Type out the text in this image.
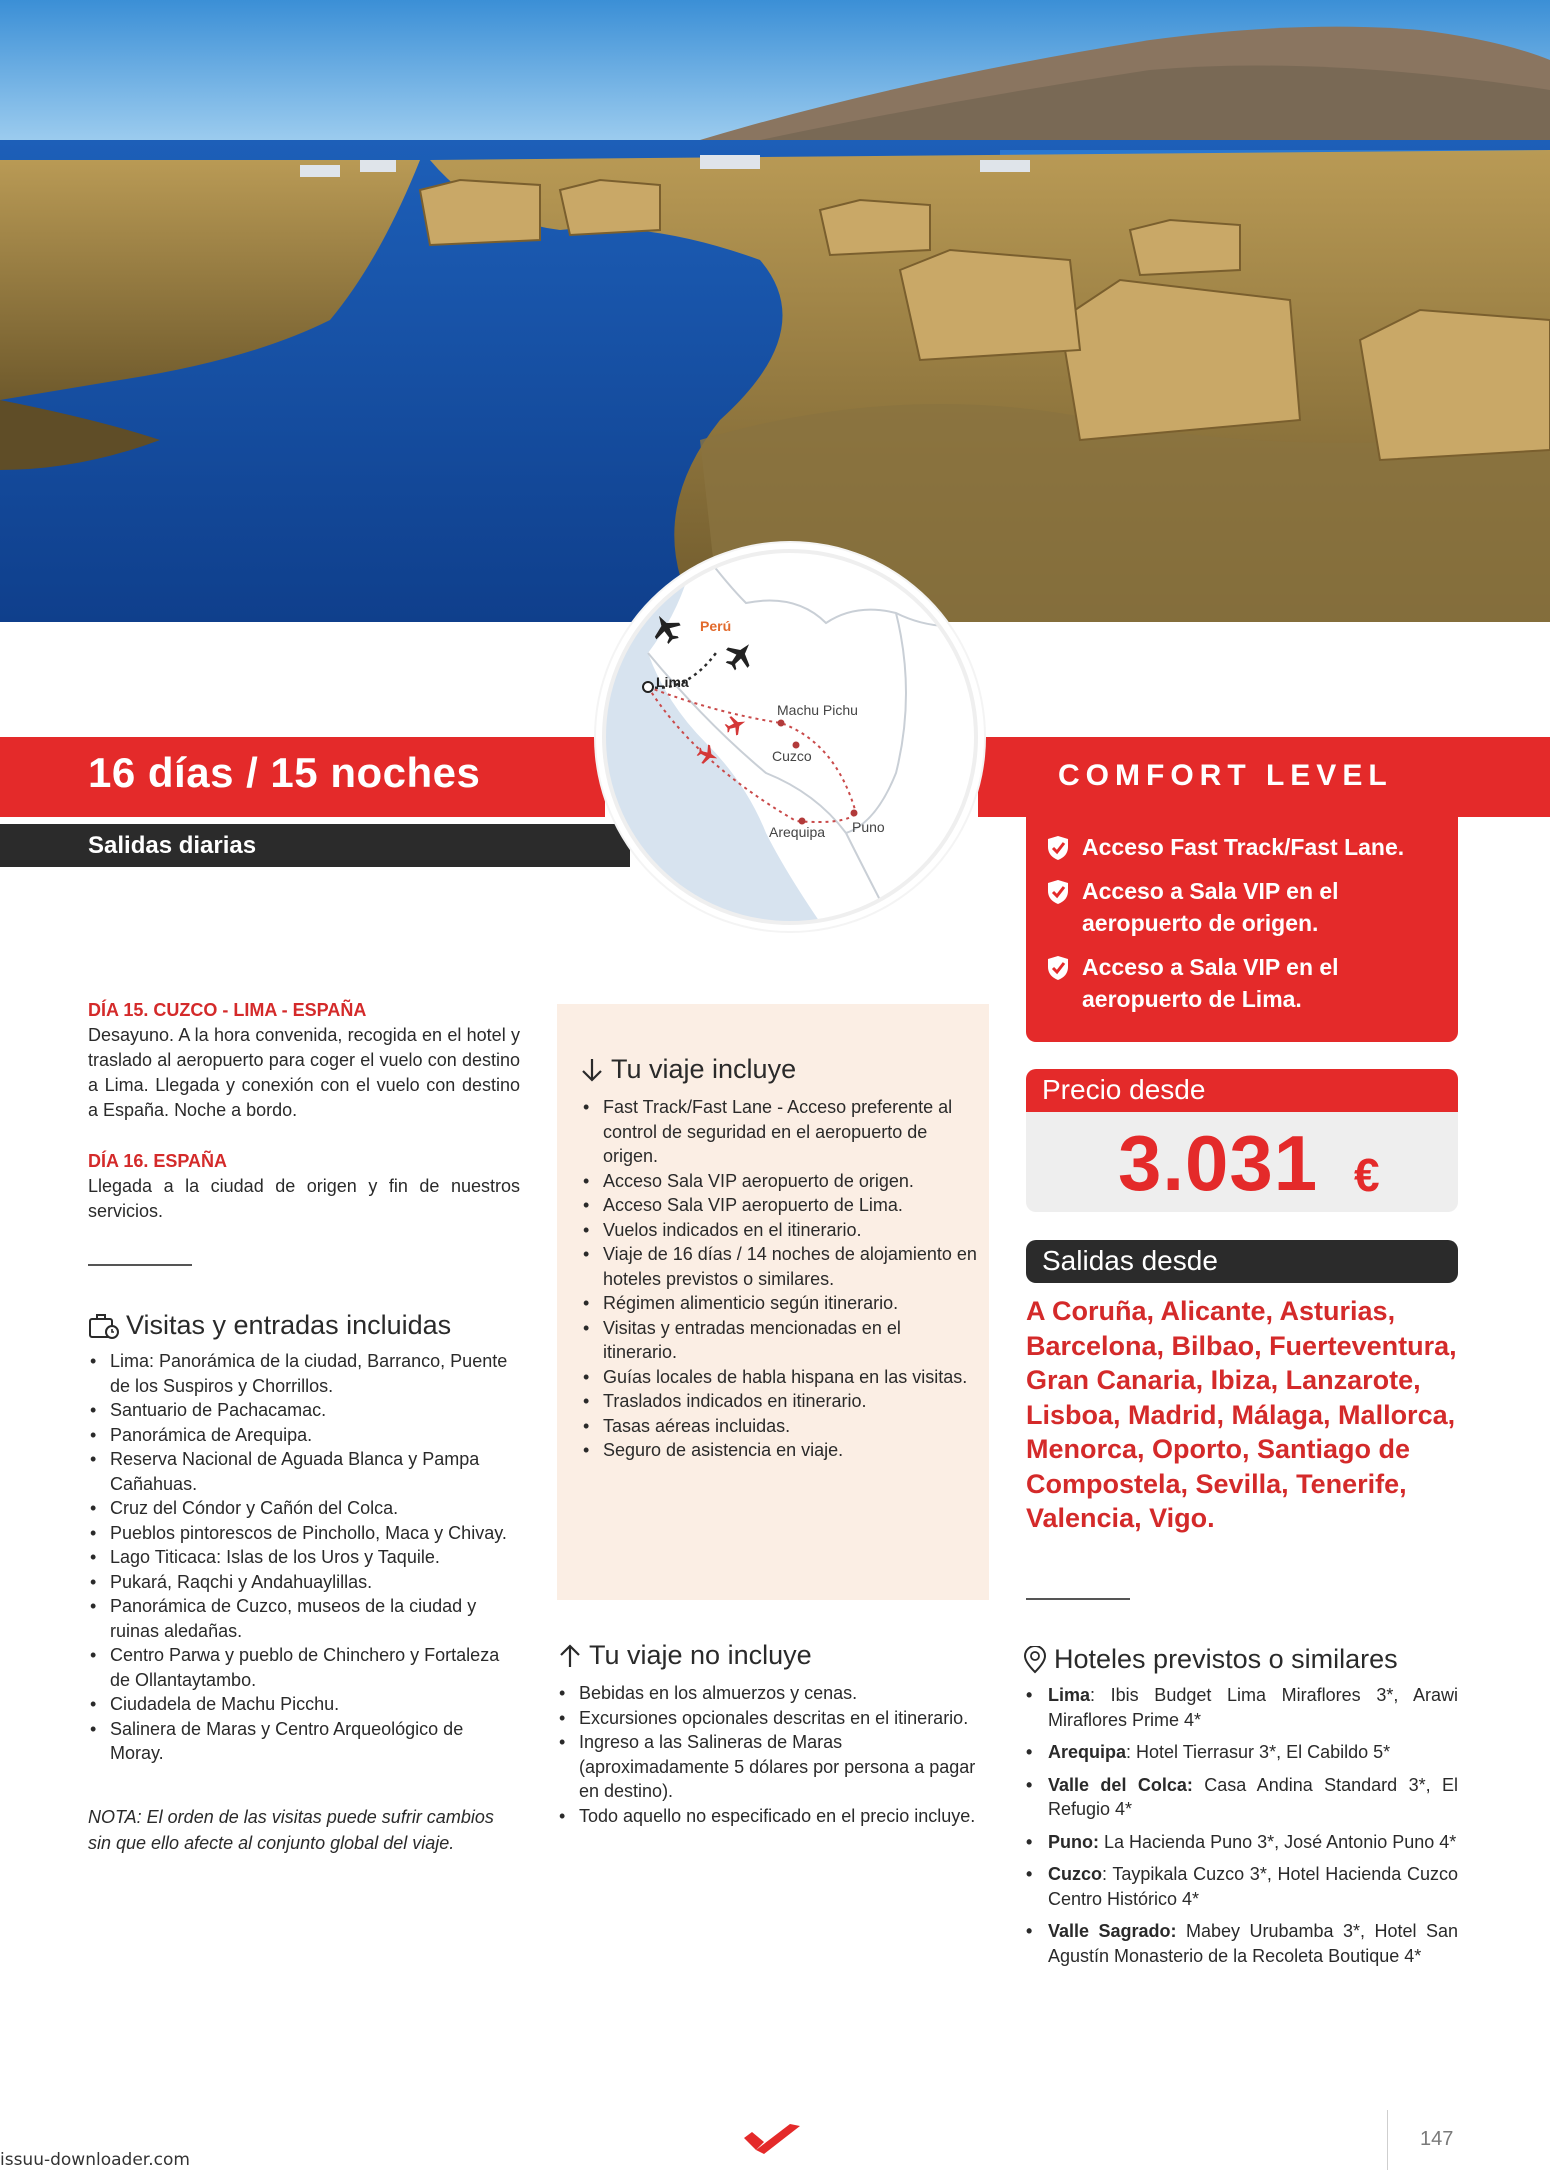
16 días / 15 noches
Salidas diarias
COMFORT LEVEL
Acceso Fast Track/Fast Lane.
Acceso a Sala VIP en el aeropuerto de origen.
Acceso a Sala VIP en el aeropuerto de Lima.
Perú
Lima
Machu Pichu
Cuzco
Arequipa Puno
DÍA 15. CUZCO - LIMA - ESPAÑA
Desayuno. A la hora convenida, recogida en el hotel y traslado al aeropuerto para coger el vuelo con destino a Lima. Llegada y conexión con el vuelo con destino a España. Noche a bordo.
DÍA 16. ESPAÑA
Llegada a la ciudad de origen y fin de nuestros servicios.
Visitas y entradas incluidas
• Lima: Panorámica de la ciudad, Barranco, Puente de los Suspiros y Chorrillos.
• Santuario de Pachacamac.
• Panorámica de Arequipa.
• Reserva Nacional de Aguada Blanca y Pampa Cañahuas.
• Cruz del Cóndor y Cañón del Colca.
• Pueblos pintorescos de Pinchollo, Maca y Chivay.
• Lago Titicaca: Islas de los Uros y Taquile.
• Pukará, Raqchi y Andahuaylillas.
• Panorámica de Cuzco, museos de la ciudad y ruinas aledañas.
• Centro Parwa y pueblo de Chinchero y Fortaleza de Ollantaytambo.
• Ciudadela de Machu Picchu.
• Salinera de Maras y Centro Arqueológico de Moray.
NOTA: El orden de las visitas puede sufrir cambios sin que ello afecte al conjunto global del viaje.
Tu viaje incluye
• Fast Track/Fast Lane - Acceso preferente al control de seguridad en el aeropuerto de origen.
• Acceso Sala VIP aeropuerto de origen.
• Acceso Sala VIP aeropuerto de Lima.
• Vuelos indicados en el itinerario.
• Viaje de 16 días / 14 noches de alojamiento en hoteles previstos o similares.
• Régimen alimenticio según itinerario.
• Visitas y entradas mencionadas en el itinerario.
• Guías locales de habla hispana en las visitas.
• Traslados indicados en itinerario.
• Tasas aéreas incluidas.
• Seguro de asistencia en viaje.
Tu viaje no incluye
• Bebidas en los almuerzos y cenas.
• Excursiones opcionales descritas en el itinerario.
• Ingreso a las Salineras de Maras (aproximadamente 5 dólares por persona a pagar en destino).
• Todo aquello no especificado en el precio incluye.
Precio desde
3.031 €
Salidas desde
A Coruña, Alicante, Asturias, Barcelona, Bilbao, Fuerteventura, Gran Canaria, Ibiza, Lanzarote, Lisboa, Madrid, Málaga, Mallorca, Menorca, Oporto, Santiago de Compostela, Sevilla, Tenerife, Valencia, Vigo.
Hoteles previstos o similares
• Lima: Ibis Budget Lima Miraflores 3*, Arawi Miraflores Prime 4*
• Arequipa: Hotel Tierrasur 3*, El Cabildo 5*
• Valle del Colca: Casa Andina Standard 3*, El Refugio 4*
• Puno: La Hacienda Puno 3*, José Antonio Puno 4*
• Cuzco: Taypikala Cuzco 3*, Hotel Hacienda Cuzco Centro Histórico 4*
• Valle Sagrado: Mabey Urubamba 3*, Hotel San Agustín Monasterio de la Recoleta Boutique 4*
issuu-downloader.com
147
